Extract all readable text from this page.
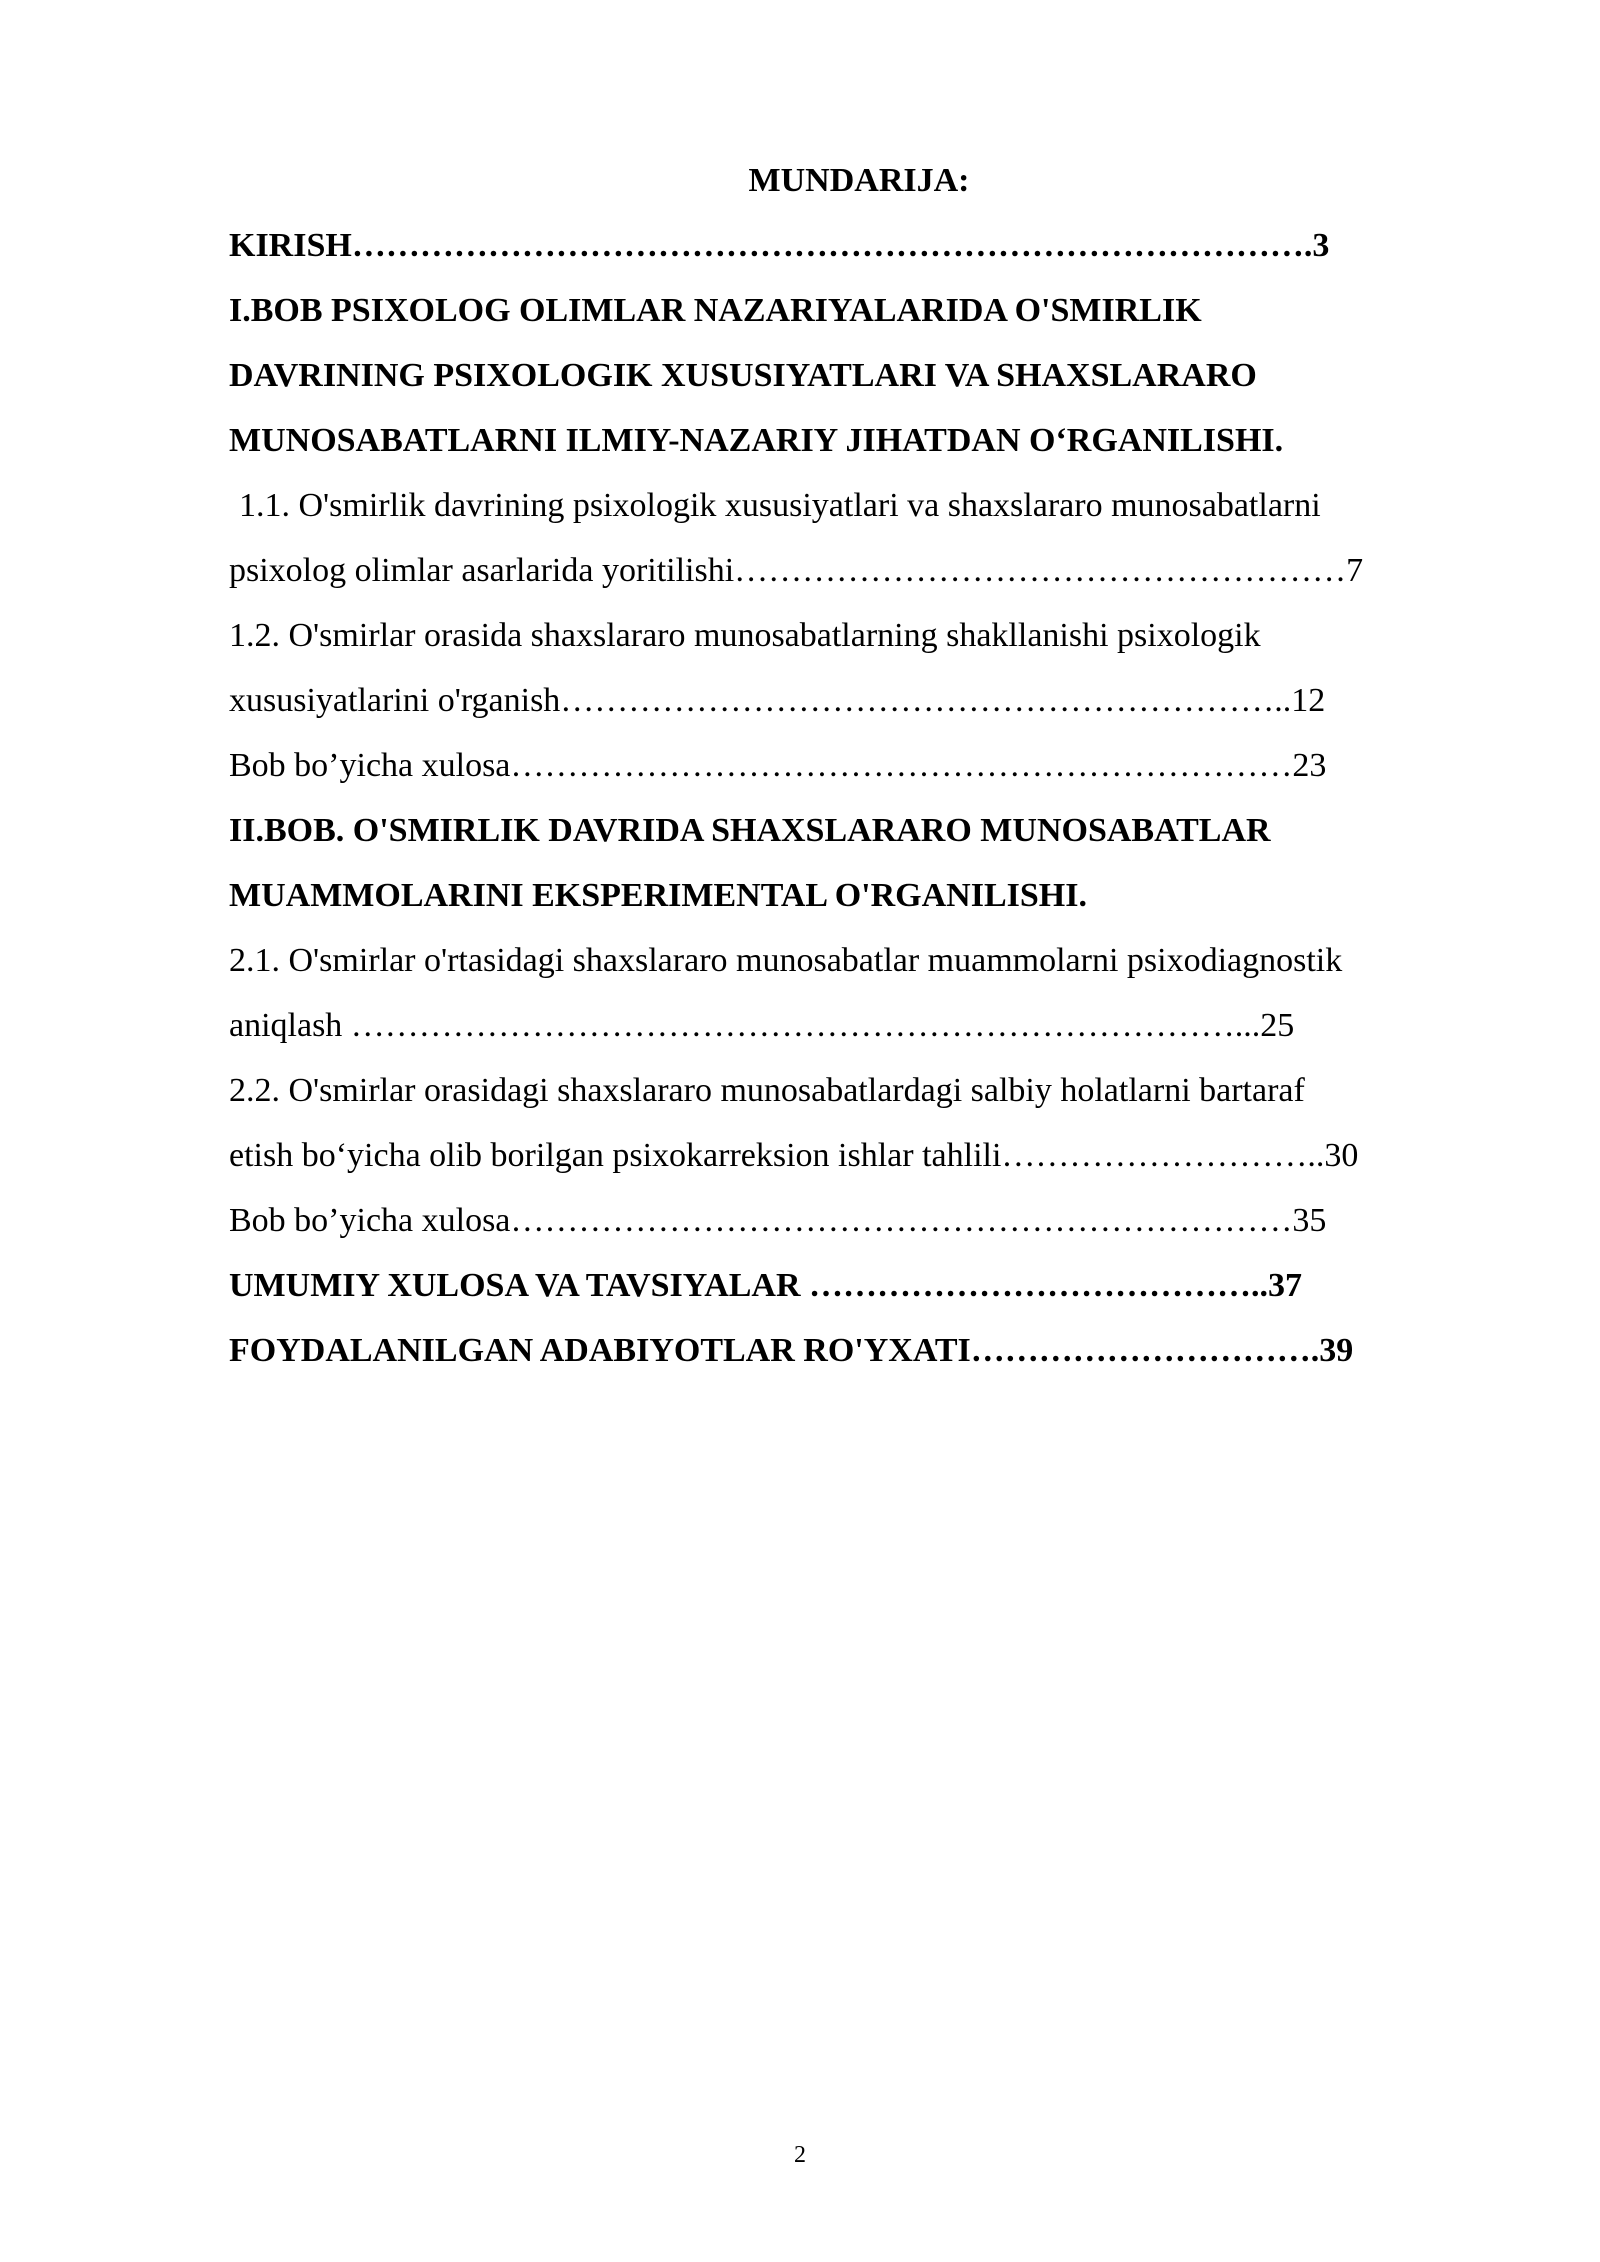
MUNDARIJA:
KIRISH………………………………………………………………………….3
I.BOB PSIXOLOG OLIMLAR NAZARIYALARIDA O'SMIRLIK
DAVRINING PSIXOLOGIK XUSUSIYATLARI VA SHAXSLARARO
MUNOSABATLARNI ILMIY-NAZARIY JIHATDAN O‘RGANILISHI.
1.1. O'smirlik davrining psixologik xususiyatlari va shaxslararo munosabatlarni
psixolog olimlar asarlarida yoritilishi………………………………………………7
1.2. O'smirlar orasida shaxslararo munosabatlarning shakllanishi psixologik
xususiyatlarini o'rganish………………………………………………………..12
Bob bo’yicha xulosa……………………………………………………………23
II.BOB. O'SMIRLIK DAVRIDA SHAXSLARARO MUNOSABATLAR
MUAMMOLARINI EKSPERIMENTAL O'RGANILISHI.
2.1. O'smirlar o'rtasidagi shaxslararo munosabatlar muammolarni psixodiagnostik
aniqlash ……………………………………………………………………...25
2.2. O'smirlar orasidagi shaxslararo munosabatlardagi salbiy holatlarni bartaraf
etish bo‘yicha olib borilgan psixokarreksion ishlar tahlili………………………..30
Bob bo’yicha xulosa……………………………………………………………35
UMUMIY XULOSA VA TAVSIYALAR …………………………………..37
FOYDALANILGAN ADABIYOTLAR RO'YXATI………………………….39
2
